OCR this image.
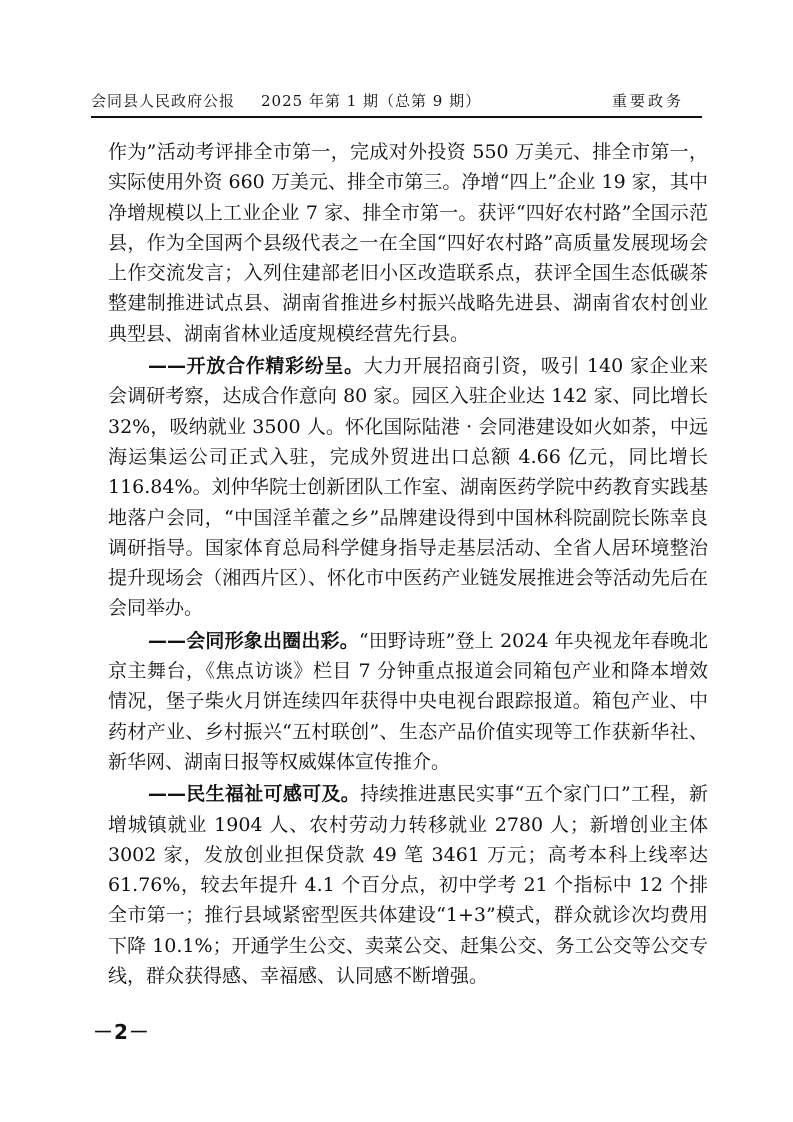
会同县人民政府公报 2025 年第 1 期（总第 9 期）	重要政务

作为”活动考评排全市第一，完成对外投资 550 万美元、排全市第一，实际使用外资 660 万美元、排全市第三。净增“四上”企业 19 家，其中净增规模以上工业企业 7 家、排全市第一。获评“四好农村路”全国示范县，作为全国两个县级代表之一在全国“四好农村路”高质量发展现场会上作交流发言；入列住建部老旧小区改造联系点，获评全国生态低碳茶整建制推进试点县、湖南省推进乡村振兴战略先进县、湖南省农村创业典型县、湖南省林业适度规模经营先行县。

——开放合作精彩纷呈。大力开展招商引资，吸引 140 家企业来会调研考察，达成合作意向 80 家。园区入驻企业达 142 家、同比增长 32%，吸纳就业 3500 人。怀化国际陆港 · 会同港建设如火如荼，中远海运集运公司正式入驻，完成外贸进出口总额 4.66 亿元，同比增长 116.84%。刘仲华院士创新团队工作室、湖南医药学院中药教育实践基地落户会同，“中国淫羊藿之乡”品牌建设得到中国林科院副院长陈幸良调研指导。国家体育总局科学健身指导走基层活动、全省人居环境整治提升现场会（湘西片区）、怀化市中医药产业链发展推进会等活动先后在会同举办。

——会同形象出圈出彩。“田野诗班”登上 2024 年央视龙年春晚北京主舞台，《焦点访谈》栏目 7 分钟重点报道会同箱包产业和降本增效情况，堡子柴火月饼连续四年获得中央电视台跟踪报道。箱包产业、中药材产业、乡村振兴“五村联创”、生态产品价值实现等工作获新华社、新华网、湖南日报等权威媒体宣传推介。

——民生福祉可感可及。持续推进惠民实事“五个家门口”工程，新增城镇就业 1904 人、农村劳动力转移就业 2780 人；新增创业主体 3002 家，发放创业担保贷款 49 笔 3461 万元；高考本科上线率达 61.76%，较去年提升 4.1 个百分点，初中学考 21 个指标中 12 个排全市第一；推行县域紧密型医共体建设“1+3”模式，群众就诊次均费用下降 10.1%；开通学生公交、卖菜公交、赶集公交、务工公交等公交专线，群众获得感、幸福感、认同感不断增强。

－2－
